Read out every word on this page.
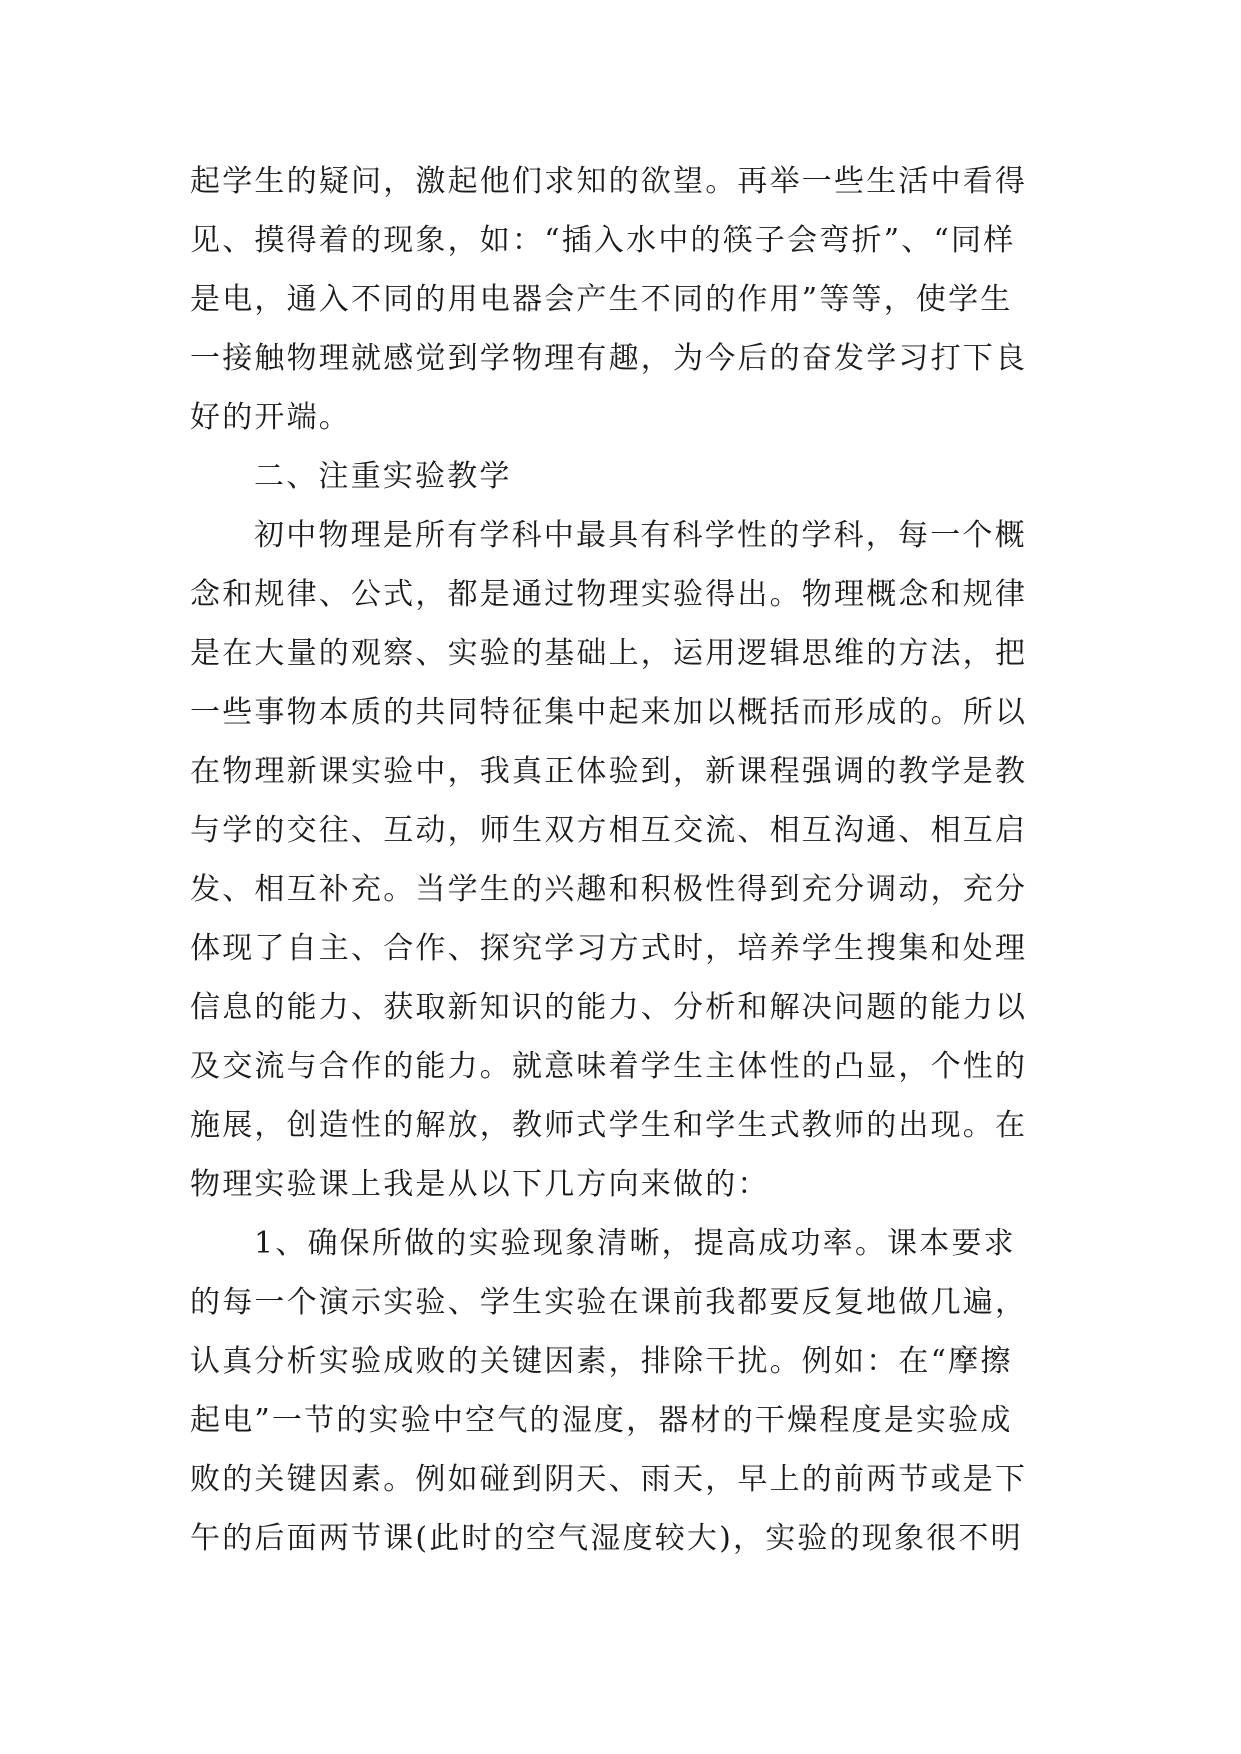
起学生的疑问，激起他们求知的欲望。再举一些生活中看得
见、摸得着的现象，如：“插入水中的筷子会弯折”、“同样
是电，通入不同的用电器会产生不同的作用”等等，使学生
一接触物理就感觉到学物理有趣，为今后的奋发学习打下良
好的开端。
二、注重实验教学
初中物理是所有学科中最具有科学性的学科，每一个概
念和规律、公式，都是通过物理实验得出。物理概念和规律
是在大量的观察、实验的基础上，运用逻辑思维的方法，把
一些事物本质的共同特征集中起来加以概括而形成的。所以
在物理新课实验中，我真正体验到，新课程强调的教学是教
与学的交往、互动，师生双方相互交流、相互沟通、相互启
发、相互补充。当学生的兴趣和积极性得到充分调动，充分
体现了自主、合作、探究学习方式时，培养学生搜集和处理
信息的能力、获取新知识的能力、分析和解决问题的能力以
及交流与合作的能力。就意味着学生主体性的凸显，个性的
施展，创造性的解放，教师式学生和学生式教师的出现。在
物理实验课上我是从以下几方向来做的：
1、确保所做的实验现象清晰，提高成功率。课本要求
的每一个演示实验、学生实验在课前我都要反复地做几遍，
认真分析实验成败的关键因素，排除干扰。例如：在“摩擦
起电”一节的实验中空气的湿度，器材的干燥程度是实验成
败的关键因素。例如碰到阴天、雨天，早上的前两节或是下
午的后面两节课(此时的空气湿度较大)，实验的现象很不明
